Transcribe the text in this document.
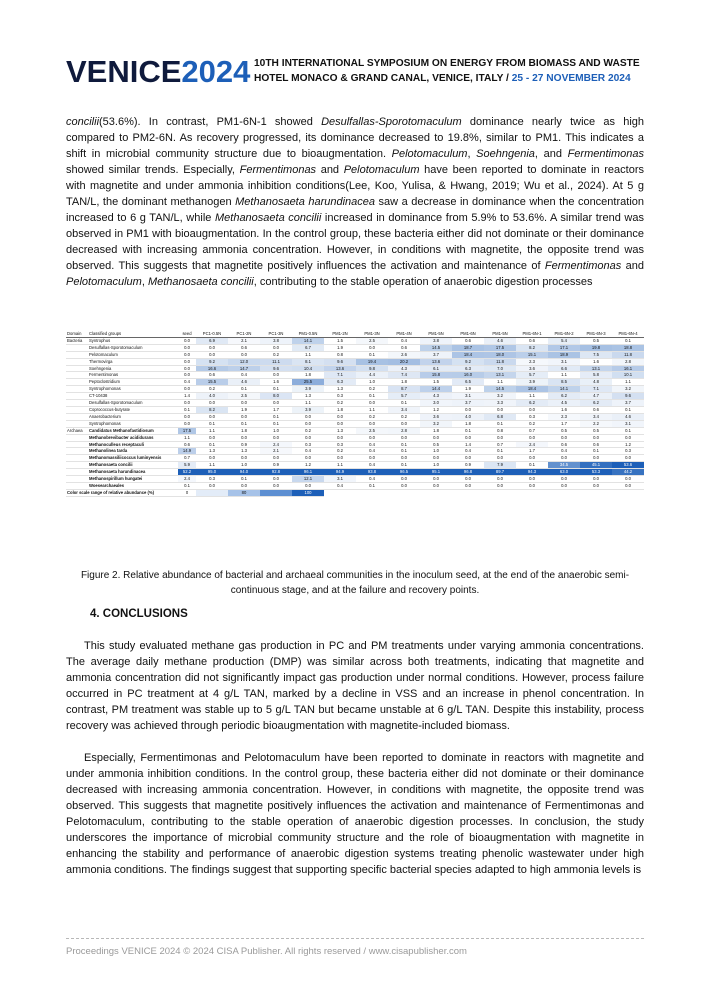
VENICE2024 10TH INTERNATIONAL SYMPOSIUM ON ENERGY FROM BIOMASS AND WASTE
HOTEL MONACO & GRAND CANAL, VENICE, ITALY / 25 - 27 NOVEMBER 2024
concilii(53.6%). In contrast, PM1-6N-1 showed Desulfallas-Sporotomaculum dominance nearly twice as high compared to PM2-6N. As recovery progressed, its dominance decreased to 19.8%, similar to PM1. This indicates a shift in microbial community structure due to bioaugmentation. Pelotomaculum, Soehngenia, and Fermentimonas showed similar trends. Especially, Fermentimonas and Pelotomaculum have been reported to dominate in reactors with magnetite and under ammonia inhibition conditions(Lee, Koo, Yulisa, & Hwang, 2019; Wu et al., 2024). At 5 g TAN/L, the dominant methanogen Methanosaeta harundinacea saw a decrease in dominance when the concentration increased to 6 g TAN/L, while Methanosaeta concilii increased in dominance from 5.9% to 53.6%. A similar trend was observed in PM1 with bioaugmentation. In the control group, these bacteria either did not dominate or their dominance decreased with increasing ammonia concentration. However, in conditions with magnetite, the opposite trend was observed. This suggests that magnetite positively influences the activation and maintenance of Fermentimonas and Pelotomaculum, Methanosaeta concilii, contributing to the stable operation of anaerobic digestion processes
Domain	Classified groups	seed	PC1-0.5N	PC1-2N	PC1-3N	PM1-0.5N	PM1-2N	PM1-3N	PM1-4N	PM1-5N	PM1-6N	PM1-5N	PM1-6N-1	PM1-6N-2	PM1-6N-3	PM1-6N-4
Bacteria	Syntrophus	0.0	6.9	2.1	3.8	14.1	1.5	2.5	0.4	3.8	0.6	4.6	0.6	5.4	0.5	0.1
	Desulfallas-Sporotomaculum	0.0	0.0	0.6	0.0	6.7	1.9	0.0	0.6	14.5	18.7	17.5	8.2	17.1	19.8	18.8
	Pelotomaculum	0.0	0.0	0.0	0.2	1.1	0.8	0.1	2.6	3.7	18.4	18.0	15.1	18.9	7.5	11.8
	Thermovirga	0.0	9.2	12.0	11.1	8.1	9.6	19.4	20.2	13.6	9.2	11.8	2.3	3.1	1.6	2.8
	Soehngenia	0.0	16.6	14.7	9.6	10.4	13.6	9.8	4.3	6.1	6.3	7.0	3.6	6.6	13.1	16.1
	Fermentimonas	0.0	0.6	0.4	0.0	1.8	7.1	4.4	7.4	15.8	16.0	13.1	5.7	1.1	5.8	10.1
	Peptoclostridium	0.4	15.5	4.6	1.6	25.5	6.3	1.0	1.8	1.5	6.5	1.1	3.9	8.5	4.8	1.1
	Syntrophomonas	0.0	0.2	0.1	0.1	3.9	1.3	0.2	8.7	14.4	1.9	14.5	18.4	14.1	7.1	3.2
	CT-10438	1.4	4.0	2.5	8.0	1.3	0.3	0.1	5.7	4.3	3.1	3.2	1.1	6.2	4.7	9.6
	Desulfallas-Sporotomaculum	0.0	0.0	0.0	0.0	1.1	0.2	0.0	0.1	3.0	3.7	3.3	6.2	4.5	6.2	3.7
	Coprococcus-butyrate	0.1	8.2	1.9	1.7	3.9	1.8	1.1	3.4	1.2	0.0	0.0	0.0	1.6	0.6	0.1
	Anaerobacterium	0.0	0.0	0.0	0.1	0.0	0.0	0.2	0.2	3.6	4.0	6.8	0.3	2.3	3.4	4.6
	Syntrophomonas	0.0	0.1	0.1	0.1	0.0	0.0	0.0	0.0	3.2	1.8	0.1	0.2	1.7	2.2	3.1
Archaea	Candidatus Methanofastidiosum	17.5	1.1	1.8	1.0	0.2	1.3	2.5	2.8	1.8	0.1	0.8	0.7	0.5	0.5	0.1
	Methanobrevibacter acididurans	1.1	0.0	0.0	0.0	0.0	0.0	0.0	0.0	0.0	0.0	0.0	0.0	0.0	0.0	0.0
	Methanoculleus receptaculi	0.6	0.1	0.9	2.4	0.3	0.3	0.4	0.1	0.5	1.4	0.7	2.4	0.6	0.6	1.2
	Methanolinea tarda	14.9	1.3	1.3	2.1	0.4	0.2	0.4	0.1	1.0	0.4	0.1	1.7	0.4	0.1	0.3
	Methanomassiliicoccus luminyensis	0.7	0.0	0.0	0.0	0.0	0.0	0.0	0.0	0.0	0.0	0.0	0.0	0.0	0.0	0.0
	Methanosaeta concilii	5.9	1.1	1.0	0.9	1.2	1.1	0.4	0.1	1.0	0.9	7.9	0.1	34.5	45.1	53.6
	Methanosaeta harundinacea	52.2	95.0	94.0	92.8	96.1	94.9	93.8	96.5	95.1	96.8	89.7	94.3	63.0	53.3	44.2
	Methanospirillum hungatei	2.4	0.3	0.1	0.0	12.1	3.1	0.4	0.0	0.0	0.0	0.0	0.0	0.0	0.0	0.0
	Woesearchaeales	0.1	0.0	0.0	0.0	0.0	0.4	0.1	0.0	0.0	0.0	0.0	0.0	0.0	0.0	0.0
Color scale range of relative abundance (%)		0		80		100										
Figure 2. Relative abundance of bacterial and archaeal communities in the inoculum seed, at the end of the anaerobic semi-continuous stage, and at the failure and recovery points.
4. CONCLUSIONS
This study evaluated methane gas production in PC and PM treatments under varying ammonia concentrations. The average daily methane production (DMP) was similar across both treatments, indicating that magnetite and ammonia concentration did not significantly impact gas production under normal conditions. However, process failure occurred in PC treatment at 4 g/L TAN, marked by a decline in VSS and an increase in phenol concentration. In contrast, PM treatment was stable up to 5 g/L TAN but became unstable at 6 g/L TAN. Despite this instability, process recovery was achieved through periodic bioaugmentation with magnetite-included biomass.
Especially, Fermentimonas and Pelotomaculum have been reported to dominate in reactors with magnetite and under ammonia inhibition conditions. In the control group, these bacteria either did not dominate or their dominance decreased with increasing ammonia concentration. However, in conditions with magnetite, the opposite trend was observed. This suggests that magnetite positively influences the activation and maintenance of Fermentimonas and Pelotomaculum, contributing to the stable operation of anaerobic digestion processes. In conclusion, the study underscores the importance of microbial community structure and the role of bioaugmentation with magnetite in enhancing the stability and performance of anaerobic digestion systems treating phenolic wastewater under high ammonia conditions. The findings suggest that supporting specific bacterial species adapted to high ammonia levels is
Proceedings VENICE 2024 © 2024 CISA Publisher. All rights reserved / www.cisapublisher.com
